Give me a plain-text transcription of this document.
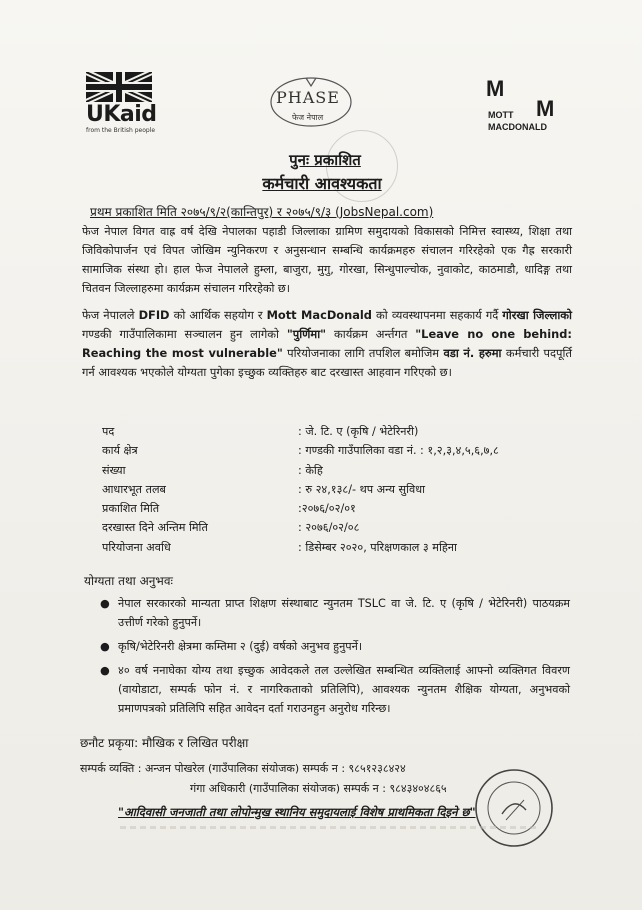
UKaid
from the British people
PHASE
फेज नेपाल
M
M
MOTT
MACDONALD
पुनः प्रकाशित
कर्मचारी आवश्यकता
प्रथम प्रकाशित मिति २०७५/९/२(कान्तिपुर) र २०७५/९/३ (JobsNepal.com)
फेज नेपाल विगत वाह्र वर्ष देखि नेपालका पहाडी जिल्लाका ग्रामिण समुदायको विकासको निमित्त स्वास्थ्य, शिक्षा तथा जिविकोपार्जन एवं विपत जोखिम न्युनिकरण र अनुसन्धान सम्बन्धि कार्यक्रमहरु संचालन गरिरहेको एक गैह्र सरकारी सामाजिक संस्था हो। हाल फेज नेपालले हुम्ला, बाजुरा, मुगु, गोरखा, सिन्धुपाल्चोक, नुवाकोट, काठमाडौ, धादिङ्ग तथा चितवन जिल्लाहरुमा कार्यक्रम संचालन गरिरहेको छ।
फेज नेपालले DFID को आर्थिक सहयोग र Mott MacDonald को व्यवस्थापनमा सहकार्य गर्दै गोरखा जिल्लाको गण्डकी गाउँपालिकामा सञ्चालन हुन लागेको "पुर्णिमा" कार्यक्रम अर्न्तगत "Leave no one behind: Reaching the most vulnerable" परियोजनाका लागि तपशिल बमोजिम वडा नं. हरुमा कर्मचारी पदपूर्ति गर्न आवश्यक भएकोले योग्यता पुगेका इच्छुक व्यक्तिहरु बाट दरखास्त आहवान गरिएको छ।
पद	: जे. टि. ए (कृषि / भेटेरिनरी)
कार्य क्षेत्र	: गण्डकी गाउँपालिका वडा नं. : १,२,३,४,५,६,७,८
संख्या	: केहि
आधारभूत तलब	: रु २४,१३८/- थप अन्य सुविधा
प्रकाशित मिति	:२०७६/०२/०१
दरखास्त दिने अन्तिम मिति	: २०७६/०२/०८
परियोजना अवधि	: डिसेम्बर २०२०, परिक्षणकाल ३ महिना
योग्यता तथा अनुभवः
● नेपाल सरकारको मान्यता प्राप्त शिक्षण संस्थाबाट न्युनतम TSLC वा जे. टि. ए (कृषि / भेटेरिनरी) पाठयक्रम उत्तीर्ण गरेको हुनुपर्ने।
● कृषि/भेटेरिनरी क्षेत्रमा कम्तिमा २ (दुई) वर्षको अनुभव हुनुपर्ने।
● ४० वर्ष ननाघेका योग्य तथा इच्छुक आवेदकले तल उल्लेखित सम्बन्धित व्यक्तिलाई आफ्नो व्यक्तिगत विवरण (वायोडाटा, सम्पर्क फोन नं. र नागरिकताको प्रतिलिपि), आवश्यक न्युनतम शैक्षिक योग्यता, अनुभवको प्रमाणपत्रको प्रतिलिपि सहित आवेदन दर्ता गराउनहुन अनुरोध गरिन्छ।
छनौट प्रकृया: मौखिक र लिखित परीक्षा
सम्पर्क व्यक्ति : अन्जन पोखरेल (गाउँपालिका संयोजक) सम्पर्क न : ९८५१२३८४२४
गंगा अधिकारी (गाउँपालिका संयोजक) सम्पर्क न : ९८४३४०४८६५
"आदिवासी जनजाती तथा लोपोन्मुख स्थानिय समुदायलाई विशेष प्राथमिकता दिइने छ"
